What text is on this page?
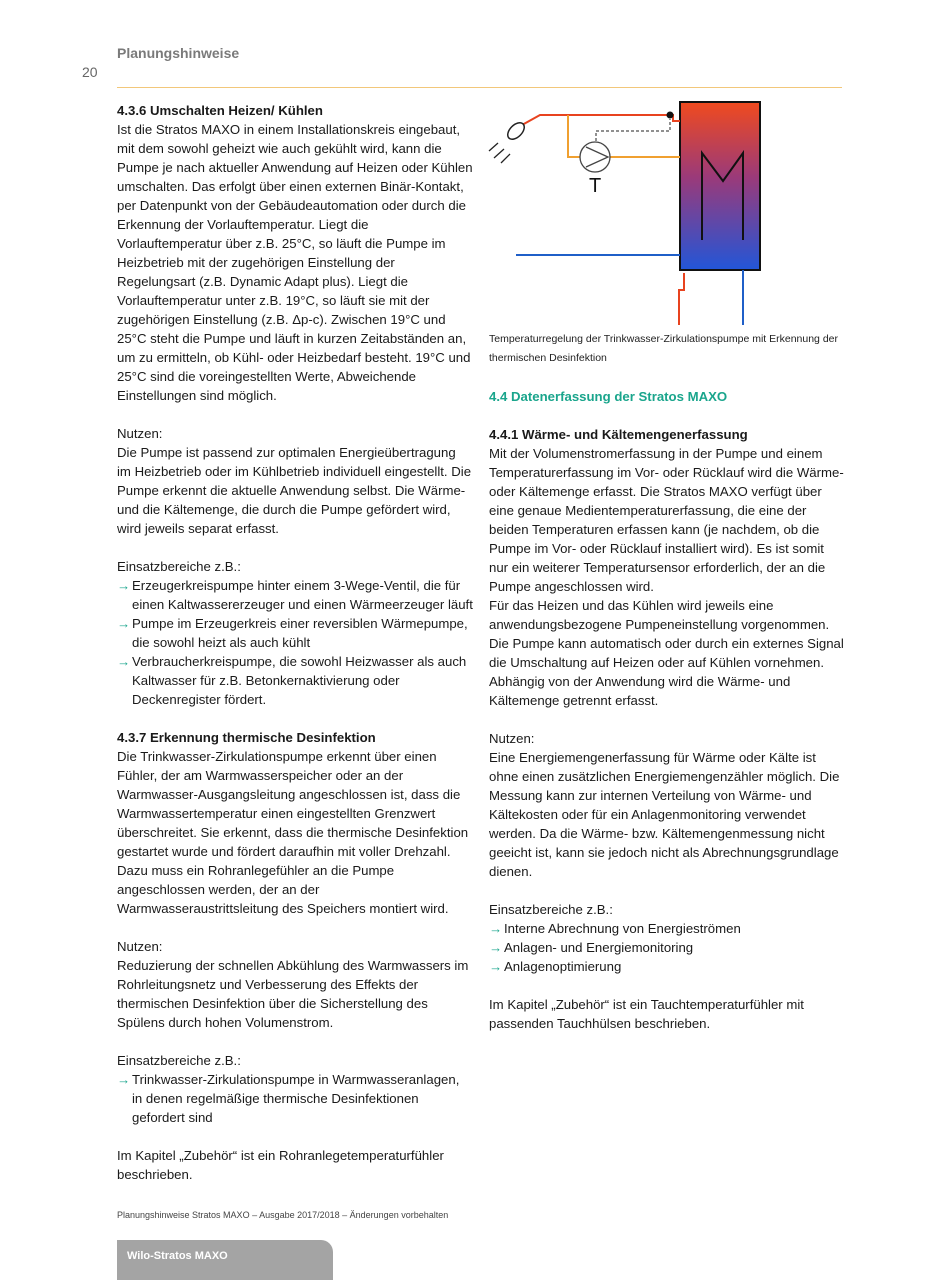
20
Planungshinweise
4.3.6 Umschalten Heizen/ Kühlen

Ist die Stratos MAXO in einem Installationskreis eingebaut, mit dem sowohl geheizt wie auch gekühlt wird, kann die Pumpe je nach aktueller Anwendung auf Heizen oder Kühlen umschalten. Das erfolgt über einen externen Binär-Kontakt, per Datenpunkt von der Gebäudeautomation oder durch die Erkennung der Vorlauftemperatur. Liegt die Vorlauftemperatur über z.B. 25°C, so läuft die Pumpe im Heizbetrieb mit der zugehörigen Einstellung der Regelungsart (z.B. Dynamic Adapt plus). Liegt die Vorlauftemperatur unter z.B. 19°C, so läuft sie mit der zugehörigen Einstellung (z.B. Δp-c). Zwischen 19°C und 25°C steht die Pumpe und läuft in kurzen Zeitabständen an, um zu ermitteln, ob Kühl- oder Heizbedarf besteht. 19°C und 25°C sind die voreingestellten Werte, Abweichende Einstellungen sind möglich.

Nutzen:

Die Pumpe ist passend zur optimalen Energieübertragung im Heizbetrieb oder im Kühlbetrieb individuell eingestellt. Die Pumpe erkennt die aktuelle Anwendung selbst. Die Wärme- und die Kältemenge, die durch die Pumpe gefördert wird, wird jeweils separat erfasst.

Einsatzbereiche z.B.:

→ Erzeugerkreispumpe hinter einem 3-Wege-Ventil, die für einen Kaltwassererzeuger und einen Wärmeerzeuger läuft
→ Pumpe im Erzeugerkreis einer reversiblen Wärmepumpe, die sowohl heizt als auch kühlt
→ Verbraucherkreispumpe, die sowohl Heizwasser als auch Kaltwasser für z.B. Betonkernaktivierung oder Deckenregister fördert.
4.3.7 Erkennung thermische Desinfektion

Die Trinkwasser-Zirkulationspumpe erkennt über einen Fühler, der am Warmwasserspeicher oder an der Warmwasser-Ausgangsleitung angeschlossen ist, dass die Warmwassertemperatur einen eingestellten Grenzwert überschreitet. Sie erkennt, dass die thermische Desinfektion gestartet wurde und fördert daraufhin mit voller Drehzahl. Dazu muss ein Rohranlegefühler an die Pumpe angeschlossen werden, der an der Warmwasseraustrittsleitung des Speichers montiert wird.

Nutzen:

Reduzierung der schnellen Abkühlung des Warmwassers im Rohrleitungsnetz und Verbesserung des Effekts der thermischen Desinfektion über die Sicherstellung des Spülens durch hohen Volumenstrom.

Einsatzbereiche z.B.:

→ Trinkwasser-Zirkulationspumpe in Warmwasseranlagen, in denen regelmäßige thermische Desinfektionen gefordert sind

Im Kapitel „Zubehör“ ist ein Rohranlegetemperaturfühler beschrieben.

T

Temperaturregelung der Trinkwasser-Zirkulationspumpe mit Erkennung der thermischen Desinfektion

4.4 Datenerfassung der Stratos MAXO
4.4.1 Wärme- und Kältemengenerfassung

Mit der Volumenstromerfassung in der Pumpe und einem Temperaturerfassung im Vor- oder Rücklauf wird die Wärme- oder Kältemenge erfasst. Die Stratos MAXO verfügt über eine genaue Medientemperaturerfassung, die eine der beiden Temperaturen erfassen kann (je nachdem, ob die Pumpe im Vor- oder Rücklauf installiert wird). Es ist somit nur ein weiterer Temperatursensor erforderlich, der an die Pumpe angeschlossen wird.

Für das Heizen und das Kühlen wird jeweils eine anwendungsbezogene Pumpeneinstellung vorgenommen. Die Pumpe kann automatisch oder durch ein externes Signal die Umschaltung auf Heizen oder auf Kühlen vornehmen. Abhängig von der Anwendung wird die Wärme- und Kältemenge getrennt erfasst.

Nutzen:

Eine Energiemengenerfassung für Wärme oder Kälte ist ohne einen zusätzlichen Energiemengenzähler möglich. Die Messung kann zur internen Verteilung von Wärme- und Kältekosten oder für ein Anlagenmonitoring verwendet werden. Da die Wärme- bzw. Kältemengenmessung nicht geeicht ist, kann sie jedoch nicht als Abrechnungsgrundlage dienen.

Einsatzbereiche z.B.:

→ Interne Abrechnung von Energieströmen
→ Anlagen- und Energiemonitoring
→ Anlagenoptimierung

Im Kapitel „Zubehör“ ist ein Tauchtemperaturfühler mit passenden Tauchhülsen beschrieben.

Planungshinweise Stratos MAXO – Ausgabe 2017/2018 – Änderungen vorbehalten
Wilo-Stratos MAXO
